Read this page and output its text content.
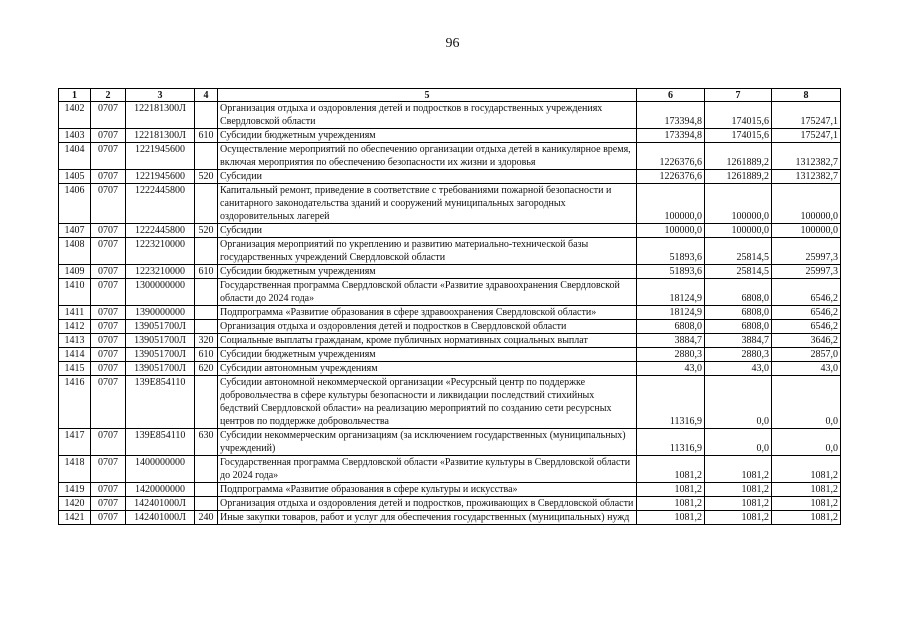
96
1	2	3	4	5	6	7	8
1402	0707	122181300Л		Организация отдыха и оздоровления детей и подростков в государственных учреждениях Свердловской области	173394,8	174015,6	175247,1
1403	0707	122181300Л	610	Субсидии бюджетным учреждениям	173394,8	174015,6	175247,1
1404	0707	1221945600		Осуществление мероприятий по обеспечению организации отдыха детей в каникулярное время, включая мероприятия по обеспечению безопасности их жизни и здоровья	1226376,6	1261889,2	1312382,7
1405	0707	1221945600	520	Субсидии	1226376,6	1261889,2	1312382,7
1406	0707	1222445800		Капитальный ремонт, приведение в соответствие с требованиями пожарной безопасности и санитарного законодательства зданий и сооружений муниципальных загородных оздоровительных лагерей	100000,0	100000,0	100000,0
1407	0707	1222445800	520	Субсидии	100000,0	100000,0	100000,0
1408	0707	1223210000		Организация мероприятий по укреплению и развитию материально-технической базы государственных учреждений Свердловской области	51893,6	25814,5	25997,3
1409	0707	1223210000	610	Субсидии бюджетным учреждениям	51893,6	25814,5	25997,3
1410	0707	1300000000		Государственная программа Свердловской области «Развитие здравоохранения Свердловской области до 2024 года»	18124,9	6808,0	6546,2
1411	0707	1390000000		Подпрограмма «Развитие образования в сфере здравоохранения Свердловской области»	18124,9	6808,0	6546,2
1412	0707	139051700Л		Организация отдыха и оздоровления детей и подростков в Свердловской области	6808,0	6808,0	6546,2
1413	0707	139051700Л	320	Социальные выплаты гражданам, кроме публичных нормативных социальных выплат	3884,7	3884,7	3646,2
1414	0707	139051700Л	610	Субсидии бюджетным учреждениям	2880,3	2880,3	2857,0
1415	0707	139051700Л	620	Субсидии автономным учреждениям	43,0	43,0	43,0
1416	0707	139E854110		Субсидии автономной некоммерческой организации «Ресурсный центр по поддержке добровольчества в сфере культуры безопасности и ликвидации последствий стихийных бедствий Свердловской области» на реализацию мероприятий по созданию сети ресурсных центров по поддержке добровольчества	11316,9	0,0	0,0
1417	0707	139E854110	630	Субсидии некоммерческим организациям (за исключением государственных (муниципальных) учреждений)	11316,9	0,0	0,0
1418	0707	1400000000		Государственная программа Свердловской области «Развитие культуры в Свердловской области до 2024 года»	1081,2	1081,2	1081,2
1419	0707	1420000000		Подпрограмма «Развитие образования в сфере культуры и искусства»	1081,2	1081,2	1081,2
1420	0707	142401000Л		Организация отдыха и оздоровления детей и подростков, проживающих в Свердловской области	1081,2	1081,2	1081,2
1421	0707	142401000Л	240	Иные закупки товаров, работ и услуг для обеспечения государственных (муниципальных) нужд	1081,2	1081,2	1081,2
